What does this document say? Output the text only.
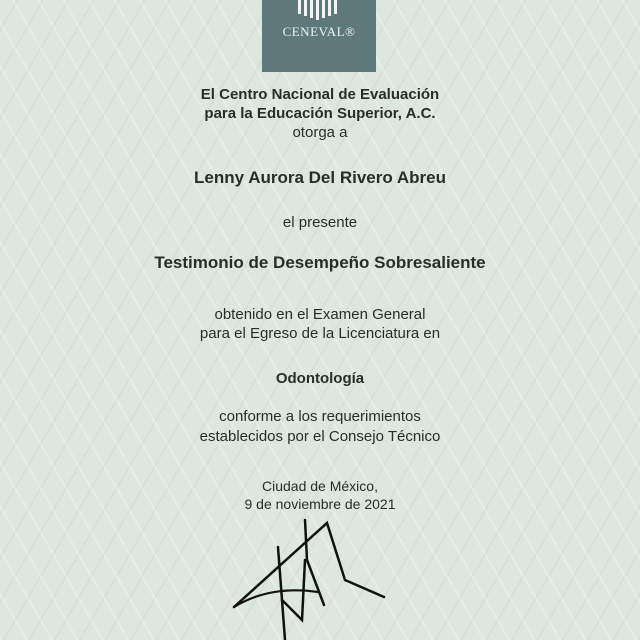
CENEVAL®
El Centro Nacional de Evaluación
para la Educación Superior, A.C.
otorga a
Lenny Aurora Del Rivero Abreu
el presente
Testimonio de Desempeño Sobresaliente
obtenido en el Examen General
para el Egreso de la Licenciatura en
Odontología
conforme a los requerimientos
establecidos por el Consejo Técnico
Ciudad de México,
9 de noviembre de 2021
